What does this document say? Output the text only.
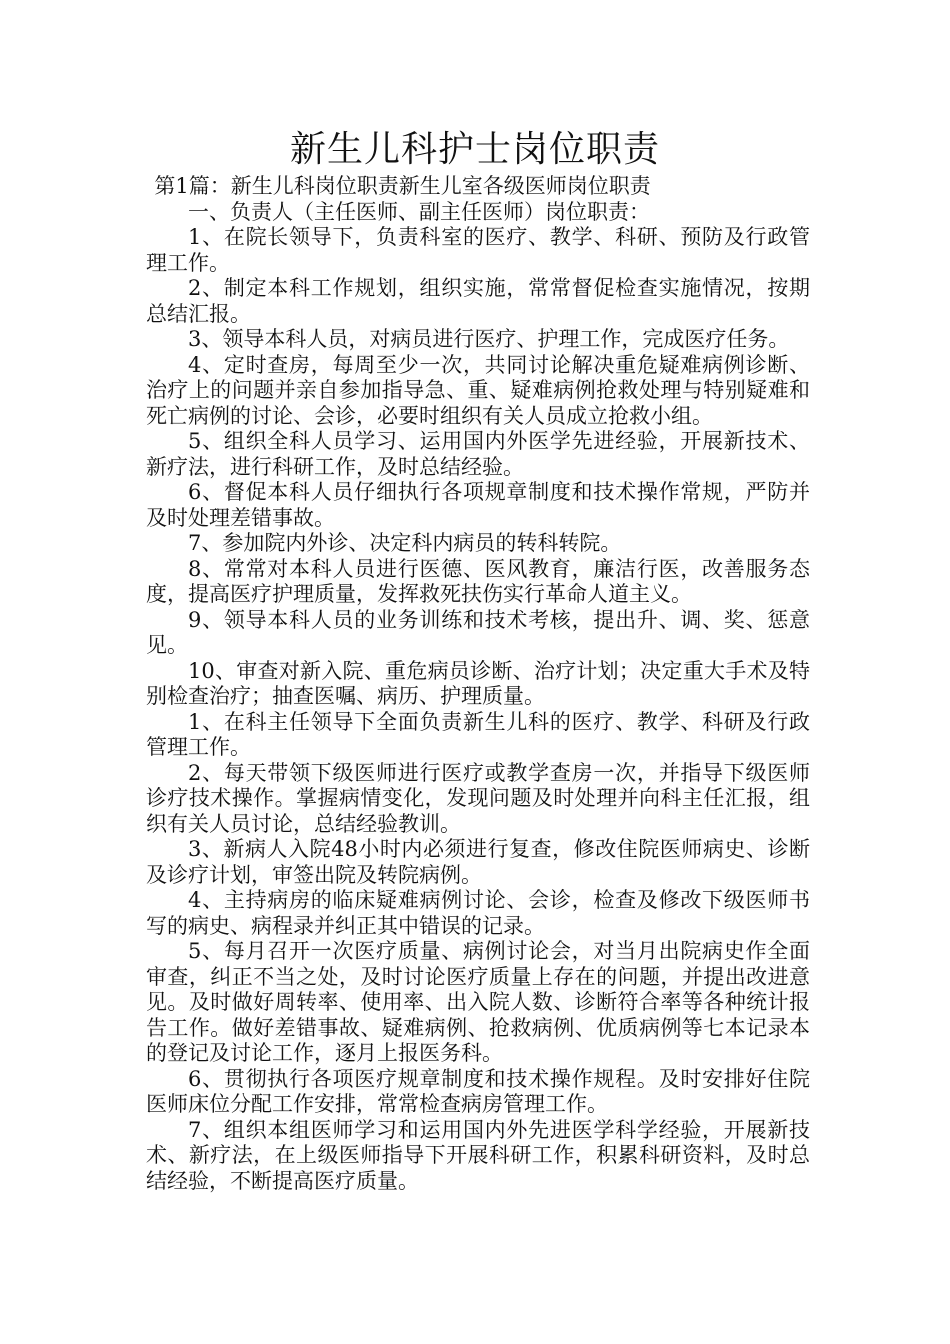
新生儿科护士岗位职责

第1篇：新生儿科岗位职责新生儿室各级医师岗位职责

一、负责人（主任医师、副主任医师）岗位职责：

1、在院长领导下，负责科室的医疗、教学、科研、预防及行政管理工作。

2、制定本科工作规划，组织实施，常常督促检查实施情况，按期总结汇报。

3、领导本科人员，对病员进行医疗、护理工作，完成医疗任务。

4、定时查房，每周至少一次，共同讨论解决重危疑难病例诊断、治疗上的问题并亲自参加指导急、重、疑难病例抢救处理与特别疑难和死亡病例的讨论、会诊，必要时组织有关人员成立抢救小组。

5、组织全科人员学习、运用国内外医学先进经验，开展新技术、新疗法，进行科研工作，及时总结经验。

6、督促本科人员仔细执行各项规章制度和技术操作常规，严防并及时处理差错事故。

7、参加院内外诊、决定科内病员的转科转院。

8、常常对本科人员进行医德、医风教育，廉洁行医，改善服务态度，提高医疗护理质量，发挥救死扶伤实行革命人道主义。

9、领导本科人员的业务训练和技术考核，提出升、调、奖、惩意见。

10、审查对新入院、重危病员诊断、治疗计划；决定重大手术及特别检查治疗；抽查医嘱、病历、护理质量。

1、在科主任领导下全面负责新生儿科的医疗、教学、科研及行政管理工作。

2、每天带领下级医师进行医疗或教学查房一次，并指导下级医师诊疗技术操作。掌握病情变化，发现问题及时处理并向科主任汇报，组织有关人员讨论，总结经验教训。

3、新病人入院48小时内必须进行复查，修改住院医师病史、诊断及诊疗计划，审签出院及转院病例。

4、主持病房的临床疑难病例讨论、会诊，检查及修改下级医师书写的病史、病程录并纠正其中错误的记录。

5、每月召开一次医疗质量、病例讨论会，对当月出院病史作全面审查，纠正不当之处，及时讨论医疗质量上存在的问题，并提出改进意见。及时做好周转率、使用率、出入院人数、诊断符合率等各种统计报告工作。做好差错事故、疑难病例、抢救病例、优质病例等七本记录本的登记及讨论工作，逐月上报医务科。

6、贯彻执行各项医疗规章制度和技术操作规程。及时安排好住院医师床位分配工作安排，常常检查病房管理工作。

7、组织本组医师学习和运用国内外先进医学科学经验，开展新技术、新疗法，在上级医师指导下开展科研工作，积累科研资料，及时总结经验，不断提高医疗质量。
